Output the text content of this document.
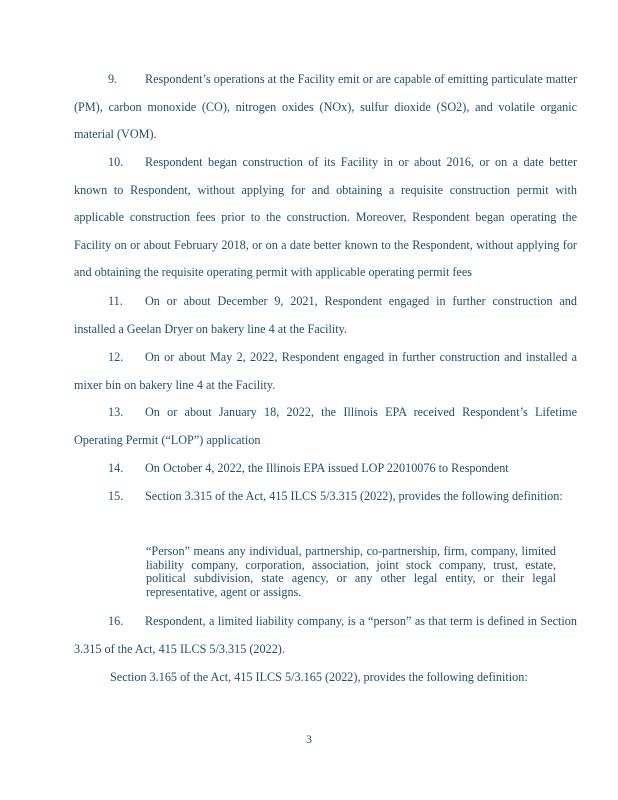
9.	Respondent’s operations at the Facility emit or are capable of emitting particulate matter (PM), carbon monoxide (CO), nitrogen oxides (NOx), sulfur dioxide (SO2), and volatile organic material (VOM).
10.	Respondent began construction of its Facility in or about 2016, or on a date better known to Respondent, without applying for and obtaining a requisite construction permit with applicable construction fees prior to the construction. Moreover, Respondent began operating the Facility on or about February 2018, or on a date better known to the Respondent, without applying for and obtaining the requisite operating permit with applicable operating permit fees
11.	On or about December 9, 2021, Respondent engaged in further construction and installed a Geelan Dryer on bakery line 4 at the Facility.
12.	On or about May 2, 2022, Respondent engaged in further construction and installed a mixer bin on bakery line 4 at the Facility.
13.	On or about January 18, 2022, the Illinois EPA received Respondent’s Lifetime Operating Permit (“LOP”) application
14.	On October 4, 2022, the Illinois EPA issued LOP 22010076 to Respondent
15.	Section 3.315 of the Act, 415 ILCS 5/3.315 (2022), provides the following definition:
“Person” means any individual, partnership, co-partnership, firm, company, limited liability company, corporation, association, joint stock company, trust, estate, political subdivision, state agency, or any other legal entity, or their legal representative, agent or assigns.
16.	Respondent, a limited liability company, is a “person” as that term is defined in Section 3.315 of the Act, 415 ILCS 5/3.315 (2022).
Section 3.165 of the Act, 415 ILCS 5/3.165 (2022), provides the following definition:
3
